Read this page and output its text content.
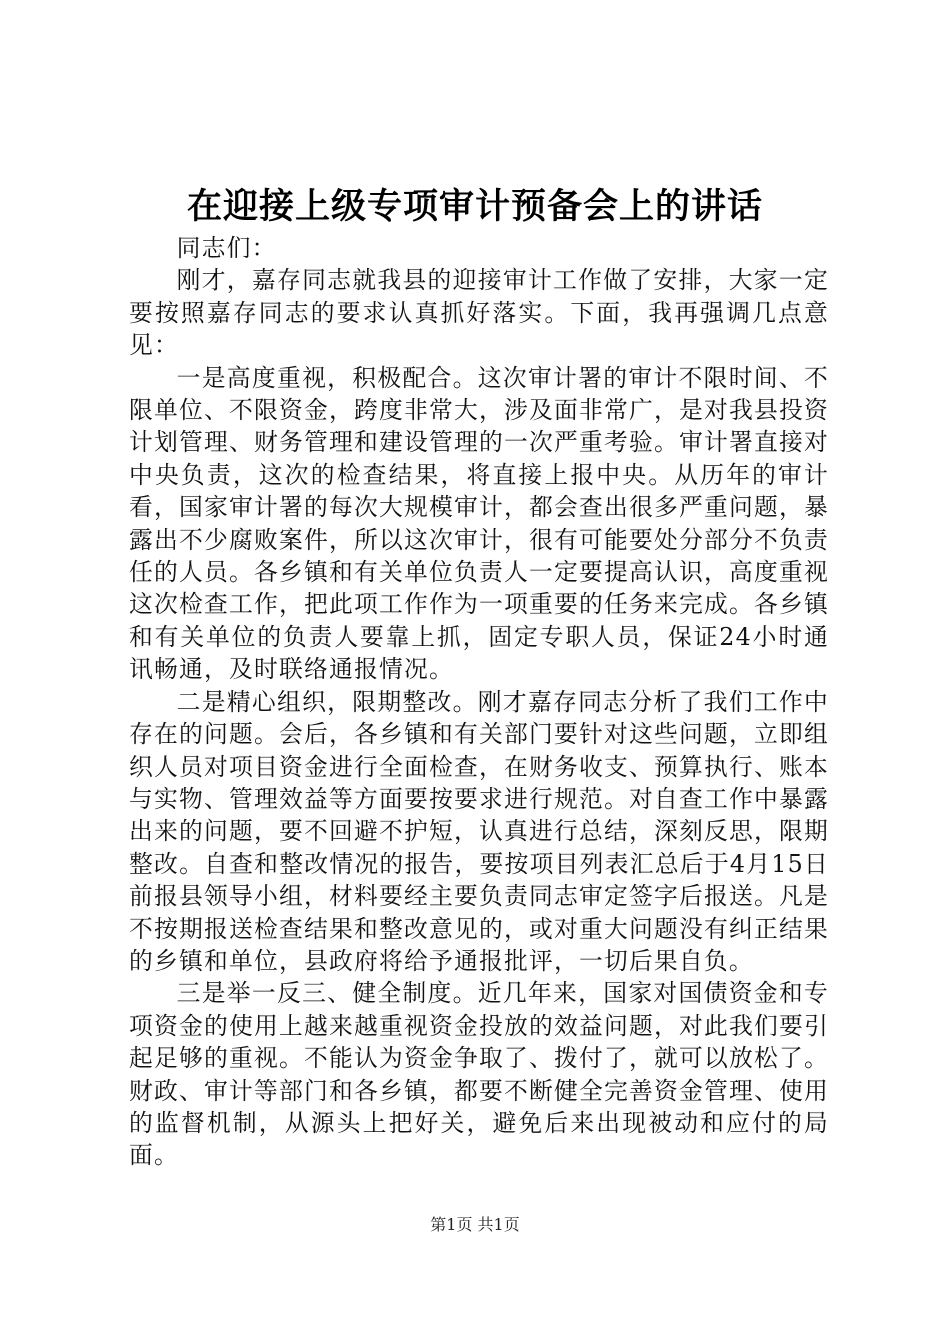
在迎接上级专项审计预备会上的讲话

同志们：

刚才，嘉存同志就我县的迎接审计工作做了安排，大家一定要按照嘉存同志的要求认真抓好落实。下面，我再强调几点意见：

一是高度重视，积极配合。这次审计署的审计不限时间、不限单位、不限资金，跨度非常大，涉及面非常广，是对我县投资计划管理、财务管理和建设管理的一次严重考验。审计署直接对中央负责，这次的检查结果，将直接上报中央。从历年的审计看，国家审计署的每次大规模审计，都会查出很多严重问题，暴露出不少腐败案件，所以这次审计，很有可能要处分部分不负责任的人员。各乡镇和有关单位负责人一定要提高认识，高度重视这次检查工作，把此项工作作为一项重要的任务来完成。各乡镇和有关单位的负责人要靠上抓，固定专职人员，保证24小时通讯畅通，及时联络通报情况。

二是精心组织，限期整改。刚才嘉存同志分析了我们工作中存在的问题。会后，各乡镇和有关部门要针对这些问题，立即组织人员对项目资金进行全面检查，在财务收支、预算执行、账本与实物、管理效益等方面要按要求进行规范。对自查工作中暴露出来的问题，要不回避不护短，认真进行总结，深刻反思，限期整改。自查和整改情况的报告，要按项目列表汇总后于4月15日前报县领导小组，材料要经主要负责同志审定签字后报送。凡是不按期报送检查结果和整改意见的，或对重大问题没有纠正结果的乡镇和单位，县政府将给予通报批评，一切后果自负。

三是举一反三、健全制度。近几年来，国家对国债资金和专项资金的使用上越来越重视资金投放的效益问题，对此我们要引起足够的重视。不能认为资金争取了、拨付了，就可以放松了。财政、审计等部门和各乡镇，都要不断健全完善资金管理、使用的监督机制，从源头上把好关，避免后来出现被动和应付的局面。

第1页 共1页
